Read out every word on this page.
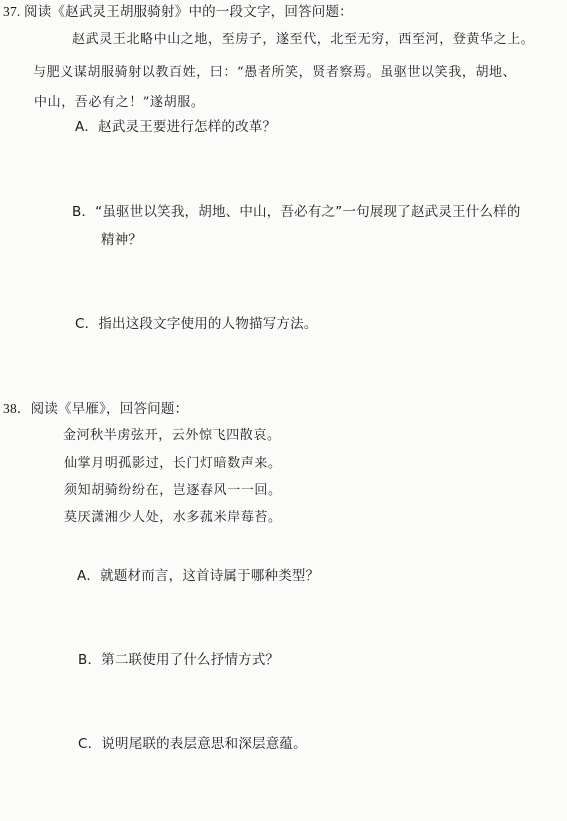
37. 阅读《赵武灵王胡服骑射》中的一段文字，回答问题：
赵武灵王北略中山之地，至房子，遂至代，北至无穷，西至河，登黄华之上。
与肥义谋胡服骑射以教百姓，曰：“愚者所笑，贤者察焉。虽驱世以笑我，胡地、
中山，吾必有之！”遂胡服。
A．赵武灵王要进行怎样的改革？
B．“虽驱世以笑我，胡地、中山，吾必有之”一句展现了赵武灵王什么样的
精神？
C．指出这段文字使用的人物描写方法。
38．阅读《早雁》，回答问题：
金河秋半虏弦开，云外惊飞四散哀。
仙掌月明孤影过，长门灯暗数声来。
须知胡骑纷纷在，岂逐春风一一回。
莫厌潇湘少人处，水多菰米岸莓苔。
A．就题材而言，这首诗属于哪种类型？
B．第二联使用了什么抒情方式？
C．说明尾联的表层意思和深层意蕴。
